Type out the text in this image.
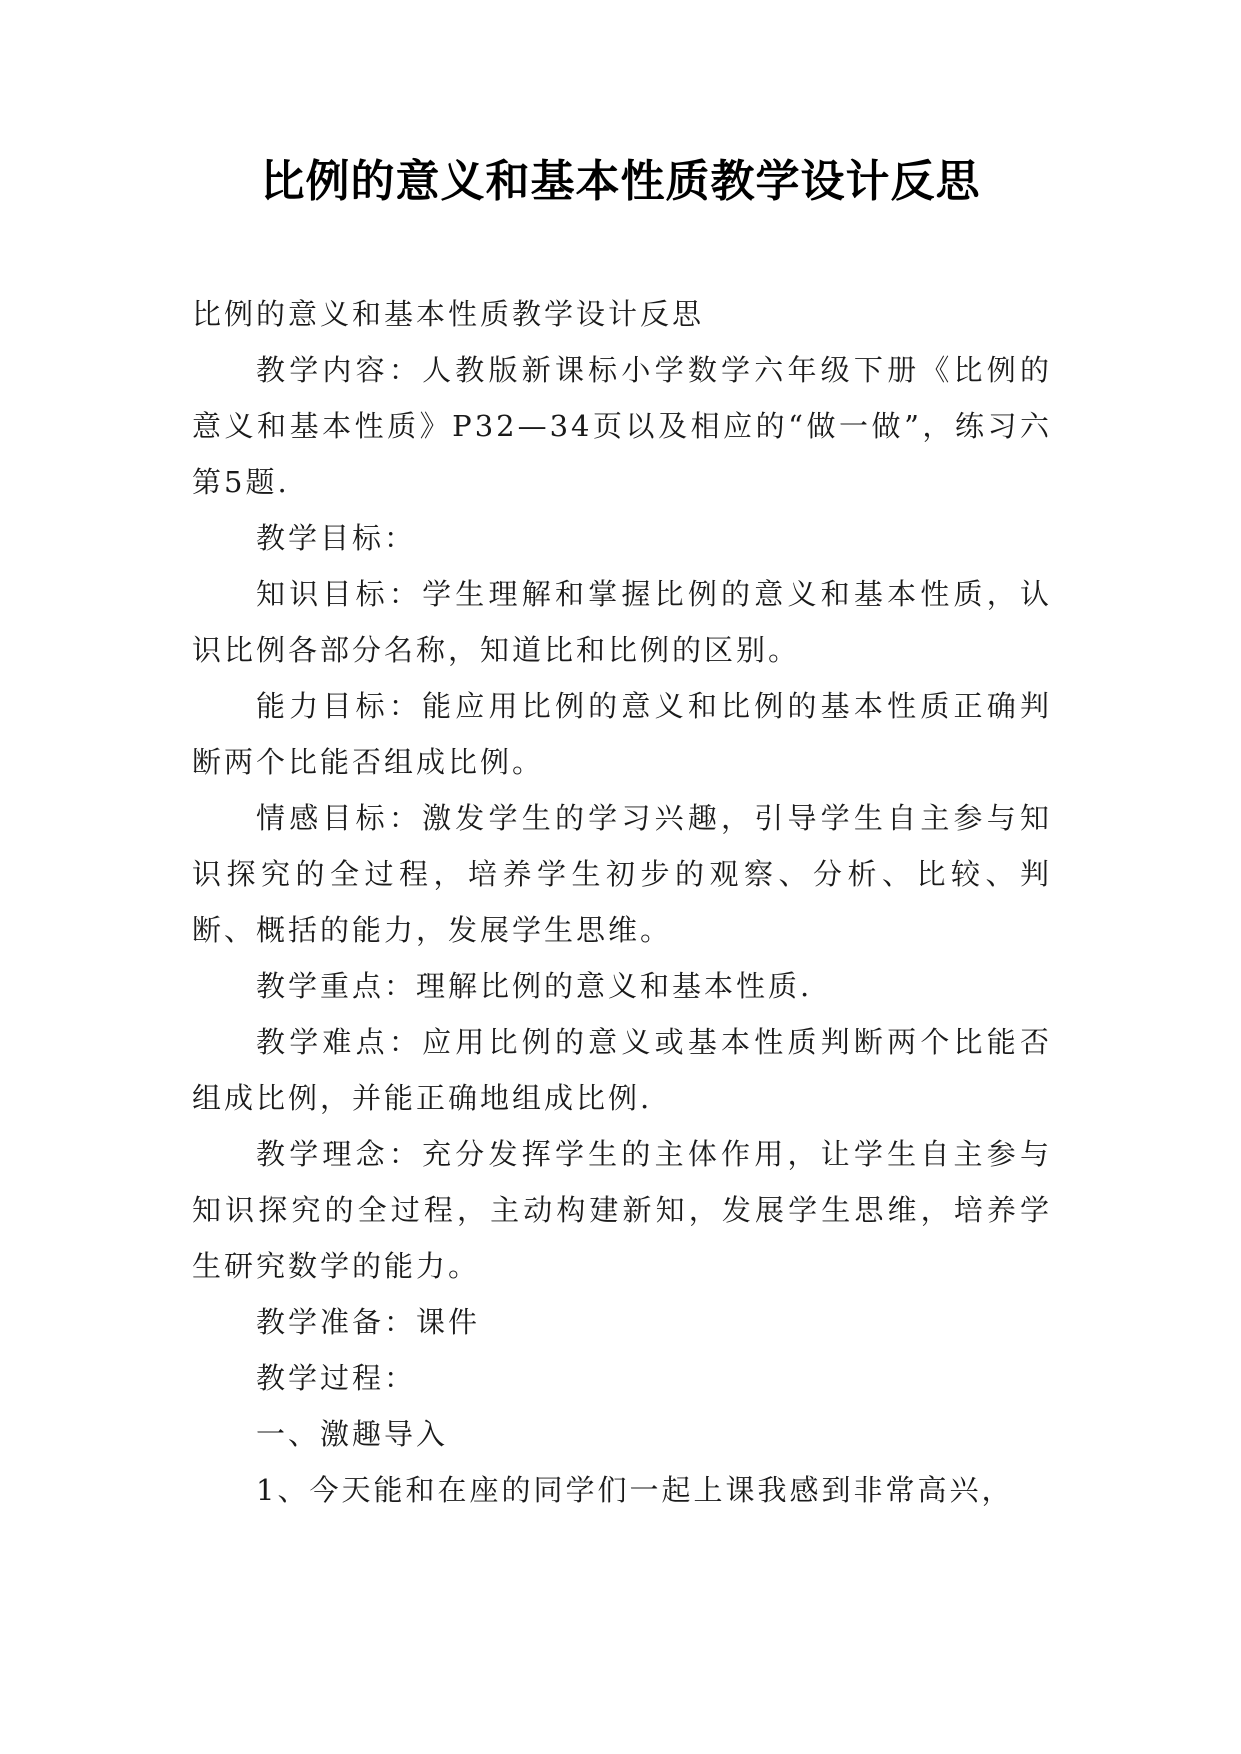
比例的意义和基本性质教学设计反思

比例的意义和基本性质教学设计反思

教学内容：人教版新课标小学数学六年级下册《比例的意义和基本性质》P32—34页以及相应的“做一做”，练习六第5题.

教学目标：

知识目标：学生理解和掌握比例的意义和基本性质，认识比例各部分名称，知道比和比例的区别。

能力目标：能应用比例的意义和比例的基本性质正确判断两个比能否组成比例。

情感目标：激发学生的学习兴趣，引导学生自主参与知识探究的全过程，培养学生初步的观察、分析、比较、判断、概括的能力，发展学生思维。

教学重点：理解比例的意义和基本性质.

教学难点：应用比例的意义或基本性质判断两个比能否组成比例，并能正确地组成比例.

教学理念：充分发挥学生的主体作用，让学生自主参与知识探究的全过程，主动构建新知，发展学生思维，培养学生研究数学的能力。

教学准备：课件

教学过程：

一、激趣导入

1、今天能和在座的同学们一起上课我感到非常高兴，
